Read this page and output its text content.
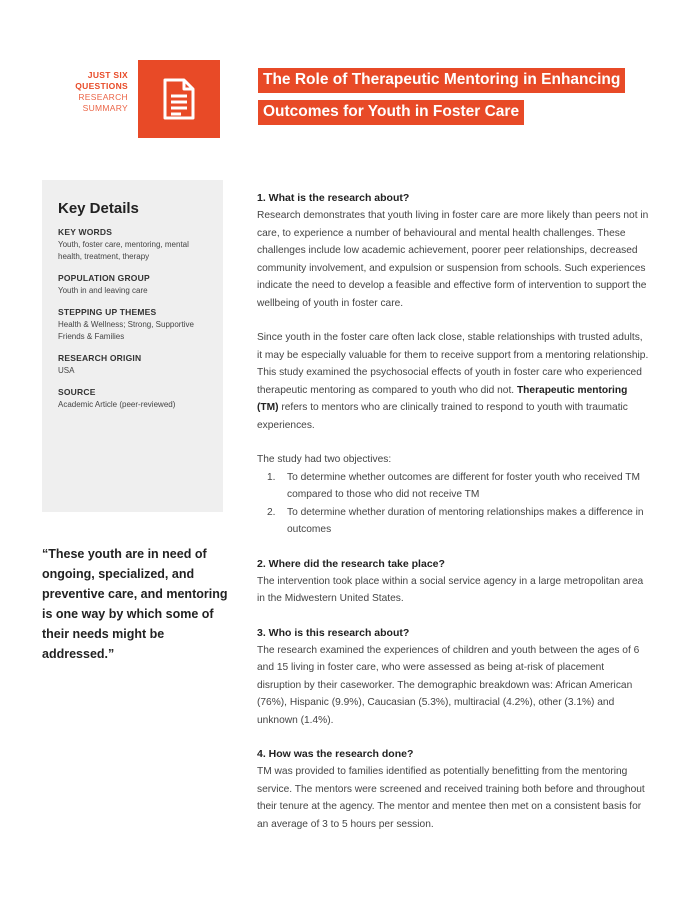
JUST SIX
QUESTIONS
RESEARCH
SUMMARY
The Role of Therapeutic Mentoring in Enhancing
Outcomes for Youth in Foster Care
Key Details
KEY WORDS
Youth, foster care, mentoring, mental health, treatment, therapy
POPULATION GROUP
Youth in and leaving care
STEPPING UP THEMES
Health & Wellness; Strong, Supportive Friends & Families
RESEARCH ORIGIN
USA
SOURCE
Academic Article (peer-reviewed)
“These youth are in need of ongoing, specialized, and preventive care, and mentoring is one way by which some of their needs might be addressed.”
1. What is the research about?

Research demonstrates that youth living in foster care are more likely than peers not in care, to experience a number of behavioural and mental health challenges. These challenges include low academic achievement, poorer peer relationships, decreased community involvement, and expulsion or suspension from schools. Such experiences indicate the need to develop a feasible and effective form of intervention to support the wellbeing of youth in foster care.

Since youth in the foster care often lack close, stable relationships with trusted adults, it may be especially valuable for them to receive support from a mentoring relationship. This study examined the psychosocial effects of youth in foster care who experienced therapeutic mentoring as compared to youth who did not. Therapeutic mentoring (TM) refers to mentors who are clinically trained to respond to youth with traumatic experiences.

The study had two objectives:

1. To determine whether outcomes are different for foster youth who received TM compared to those who did not receive TM
2. To determine whether duration of mentoring relationships makes a difference in outcomes
2. Where did the research take place?

The intervention took place within a social service agency in a large metropolitan area in the Midwestern United States.

3. Who is this research about?

The research examined the experiences of children and youth between the ages of 6 and 15 living in foster care, who were assessed as being at-risk of placement disruption by their caseworker. The demographic breakdown was: African American (76%), Hispanic (9.9%), Caucasian (5.3%), multiracial (4.2%), other (3.1%) and unknown (1.4%).

4. How was the research done?

TM was provided to families identified as potentially benefitting from the mentoring service. The mentors were screened and received training both before and throughout their tenure at the agency. The mentor and mentee then met on a consistent basis for an average of 3 to 5 hours per session.
